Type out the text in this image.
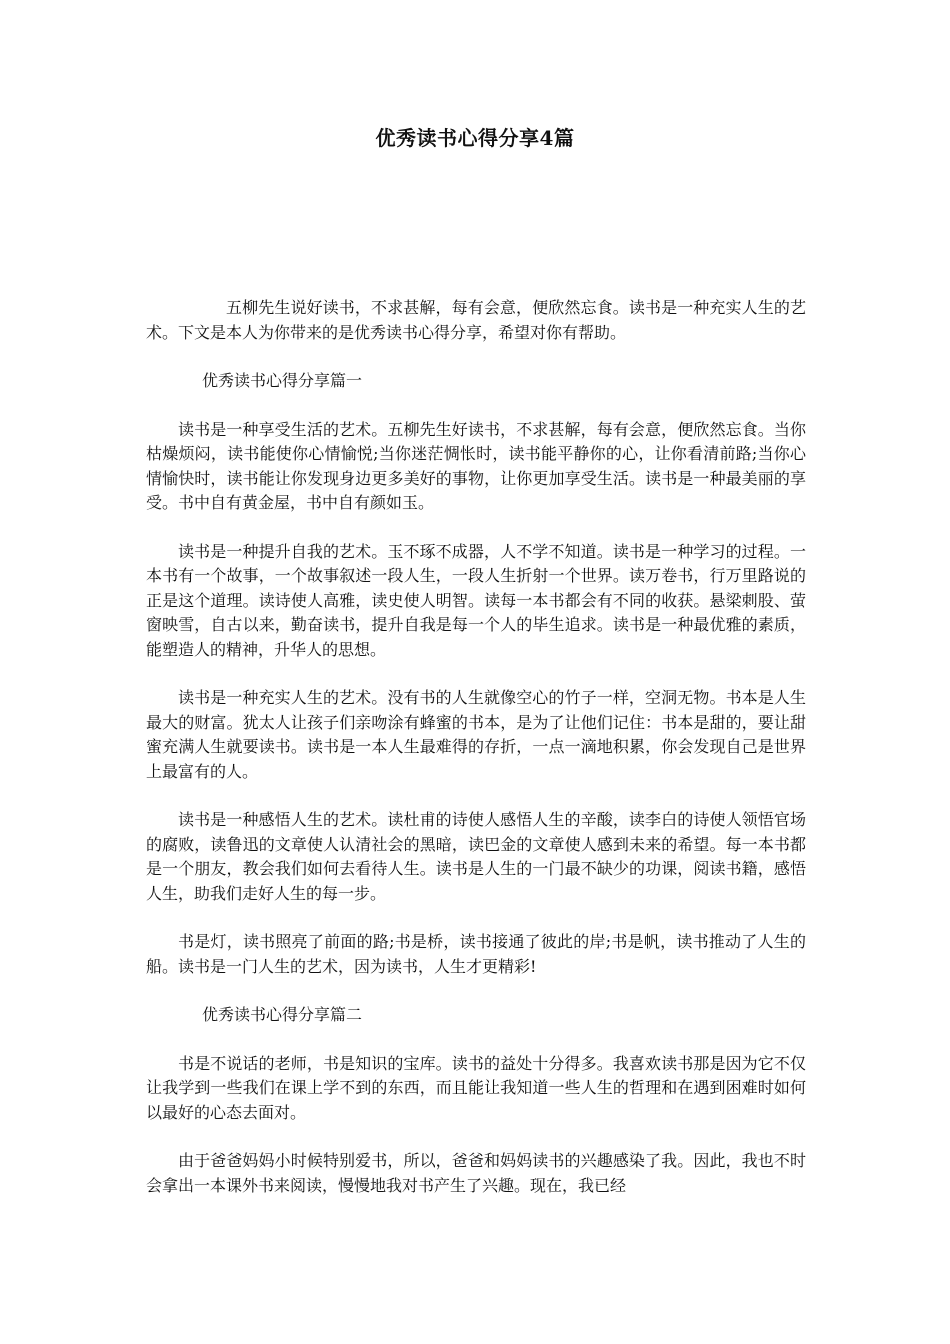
优秀读书心得分享4篇

五柳先生说好读书，不求甚解，每有会意，便欣然忘食。读书是一种充实人生的艺术。下文是本人为你带来的是优秀读书心得分享，希望对你有帮助。

优秀读书心得分享篇一

读书是一种享受生活的艺术。五柳先生好读书，不求甚解，每有会意，便欣然忘食。当你枯燥烦闷，读书能使你心情愉悦;当你迷茫惆怅时，读书能平静你的心，让你看清前路;当你心情愉快时，读书能让你发现身边更多美好的事物，让你更加享受生活。读书是一种最美丽的享受。书中自有黄金屋，书中自有颜如玉。

读书是一种提升自我的艺术。玉不琢不成器，人不学不知道。读书是一种学习的过程。一本书有一个故事，一个故事叙述一段人生，一段人生折射一个世界。读万卷书，行万里路说的正是这个道理。读诗使人高雅，读史使人明智。读每一本书都会有不同的收获。悬梁刺股、萤窗映雪，自古以来，勤奋读书，提升自我是每一个人的毕生追求。读书是一种最优雅的素质，能塑造人的精神，升华人的思想。

读书是一种充实人生的艺术。没有书的人生就像空心的竹子一样，空洞无物。书本是人生最大的财富。犹太人让孩子们亲吻涂有蜂蜜的书本，是为了让他们记住：书本是甜的，要让甜蜜充满人生就要读书。读书是一本人生最难得的存折，一点一滴地积累，你会发现自己是世界上最富有的人。

读书是一种感悟人生的艺术。读杜甫的诗使人感悟人生的辛酸，读李白的诗使人领悟官场的腐败，读鲁迅的文章使人认清社会的黑暗，读巴金的文章使人感到未来的希望。每一本书都是一个朋友，教会我们如何去看待人生。读书是人生的一门最不缺少的功课，阅读书籍，感悟人生，助我们走好人生的每一步。

书是灯，读书照亮了前面的路;书是桥，读书接通了彼此的岸;书是帆，读书推动了人生的船。读书是一门人生的艺术，因为读书，人生才更精彩!

优秀读书心得分享篇二

书是不说话的老师，书是知识的宝库。读书的益处十分得多。我喜欢读书那是因为它不仅让我学到一些我们在课上学不到的东西，而且能让我知道一些人生的哲理和在遇到困难时如何以最好的心态去面对。

由于爸爸妈妈小时候特别爱书，所以，爸爸和妈妈读书的兴趣感染了我。因此，我也不时会拿出一本课外书来阅读，慢慢地我对书产生了兴趣。现在，我已经
